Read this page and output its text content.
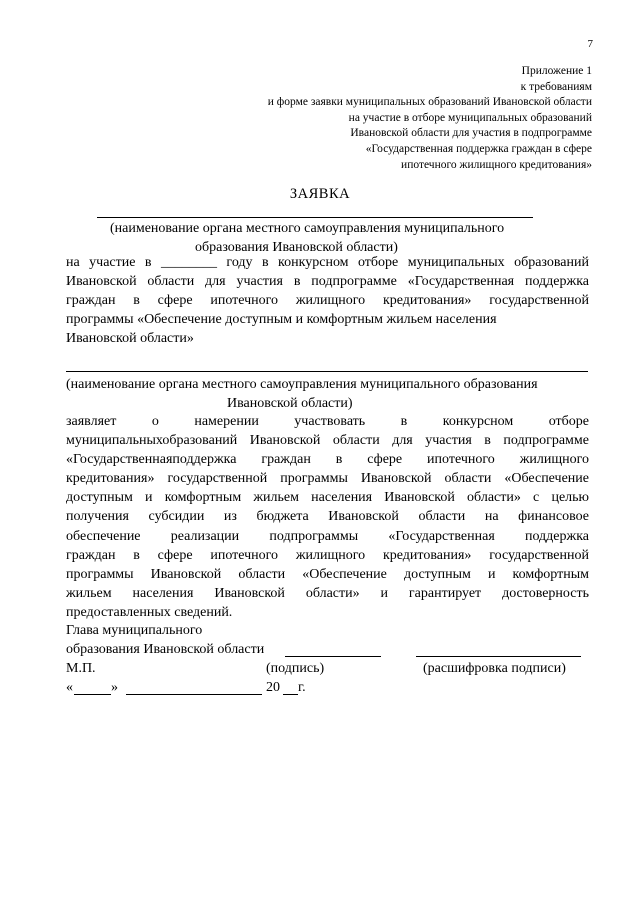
7
Приложение 1
к требованиям
и форме заявки муниципальных образований Ивановской области
на участие в отборе муниципальных образований
Ивановской области для участия в подпрограмме
«Государственная поддержка граждан в сфере
ипотечного жилищного кредитования»
ЗАЯВКА
(наименование органа местного самоуправления муниципального
образования Ивановской области)
на участие в ________ году в конкурсном отборе муниципальных образований
Ивановской области для участия в подпрограмме «Государственная поддержка
граждан в сфере ипотечного жилищного кредитования» государственной
программы «Обеспечение доступным и комфортным жильем населения
Ивановской области»
(наименование органа местного самоуправления муниципального образования
Ивановской области)
заявляет о намерении участвовать в конкурсном отборе
муниципальныхобразований Ивановской области для участия в подпрограмме
«Государственнаяподдержка граждан в сфере ипотечного жилищного
кредитования» государственной программы Ивановской области «Обеспечение
доступным и комфортным жильем населения Ивановской области» с целью
получения субсидии из бюджета Ивановской области на финансовое
обеспечение реализации подпрограммы «Государственная поддержка
граждан в сфере ипотечного жилищного кредитования» государственной
программы Ивановской области «Обеспечение доступным и комфортным
жильем населения Ивановской области» и гарантирует достоверность
предоставленных сведений.
Глава муниципального
образования Ивановской области
М.П.	(подпись)	(расшифровка подписи)
«	»	20 г.
